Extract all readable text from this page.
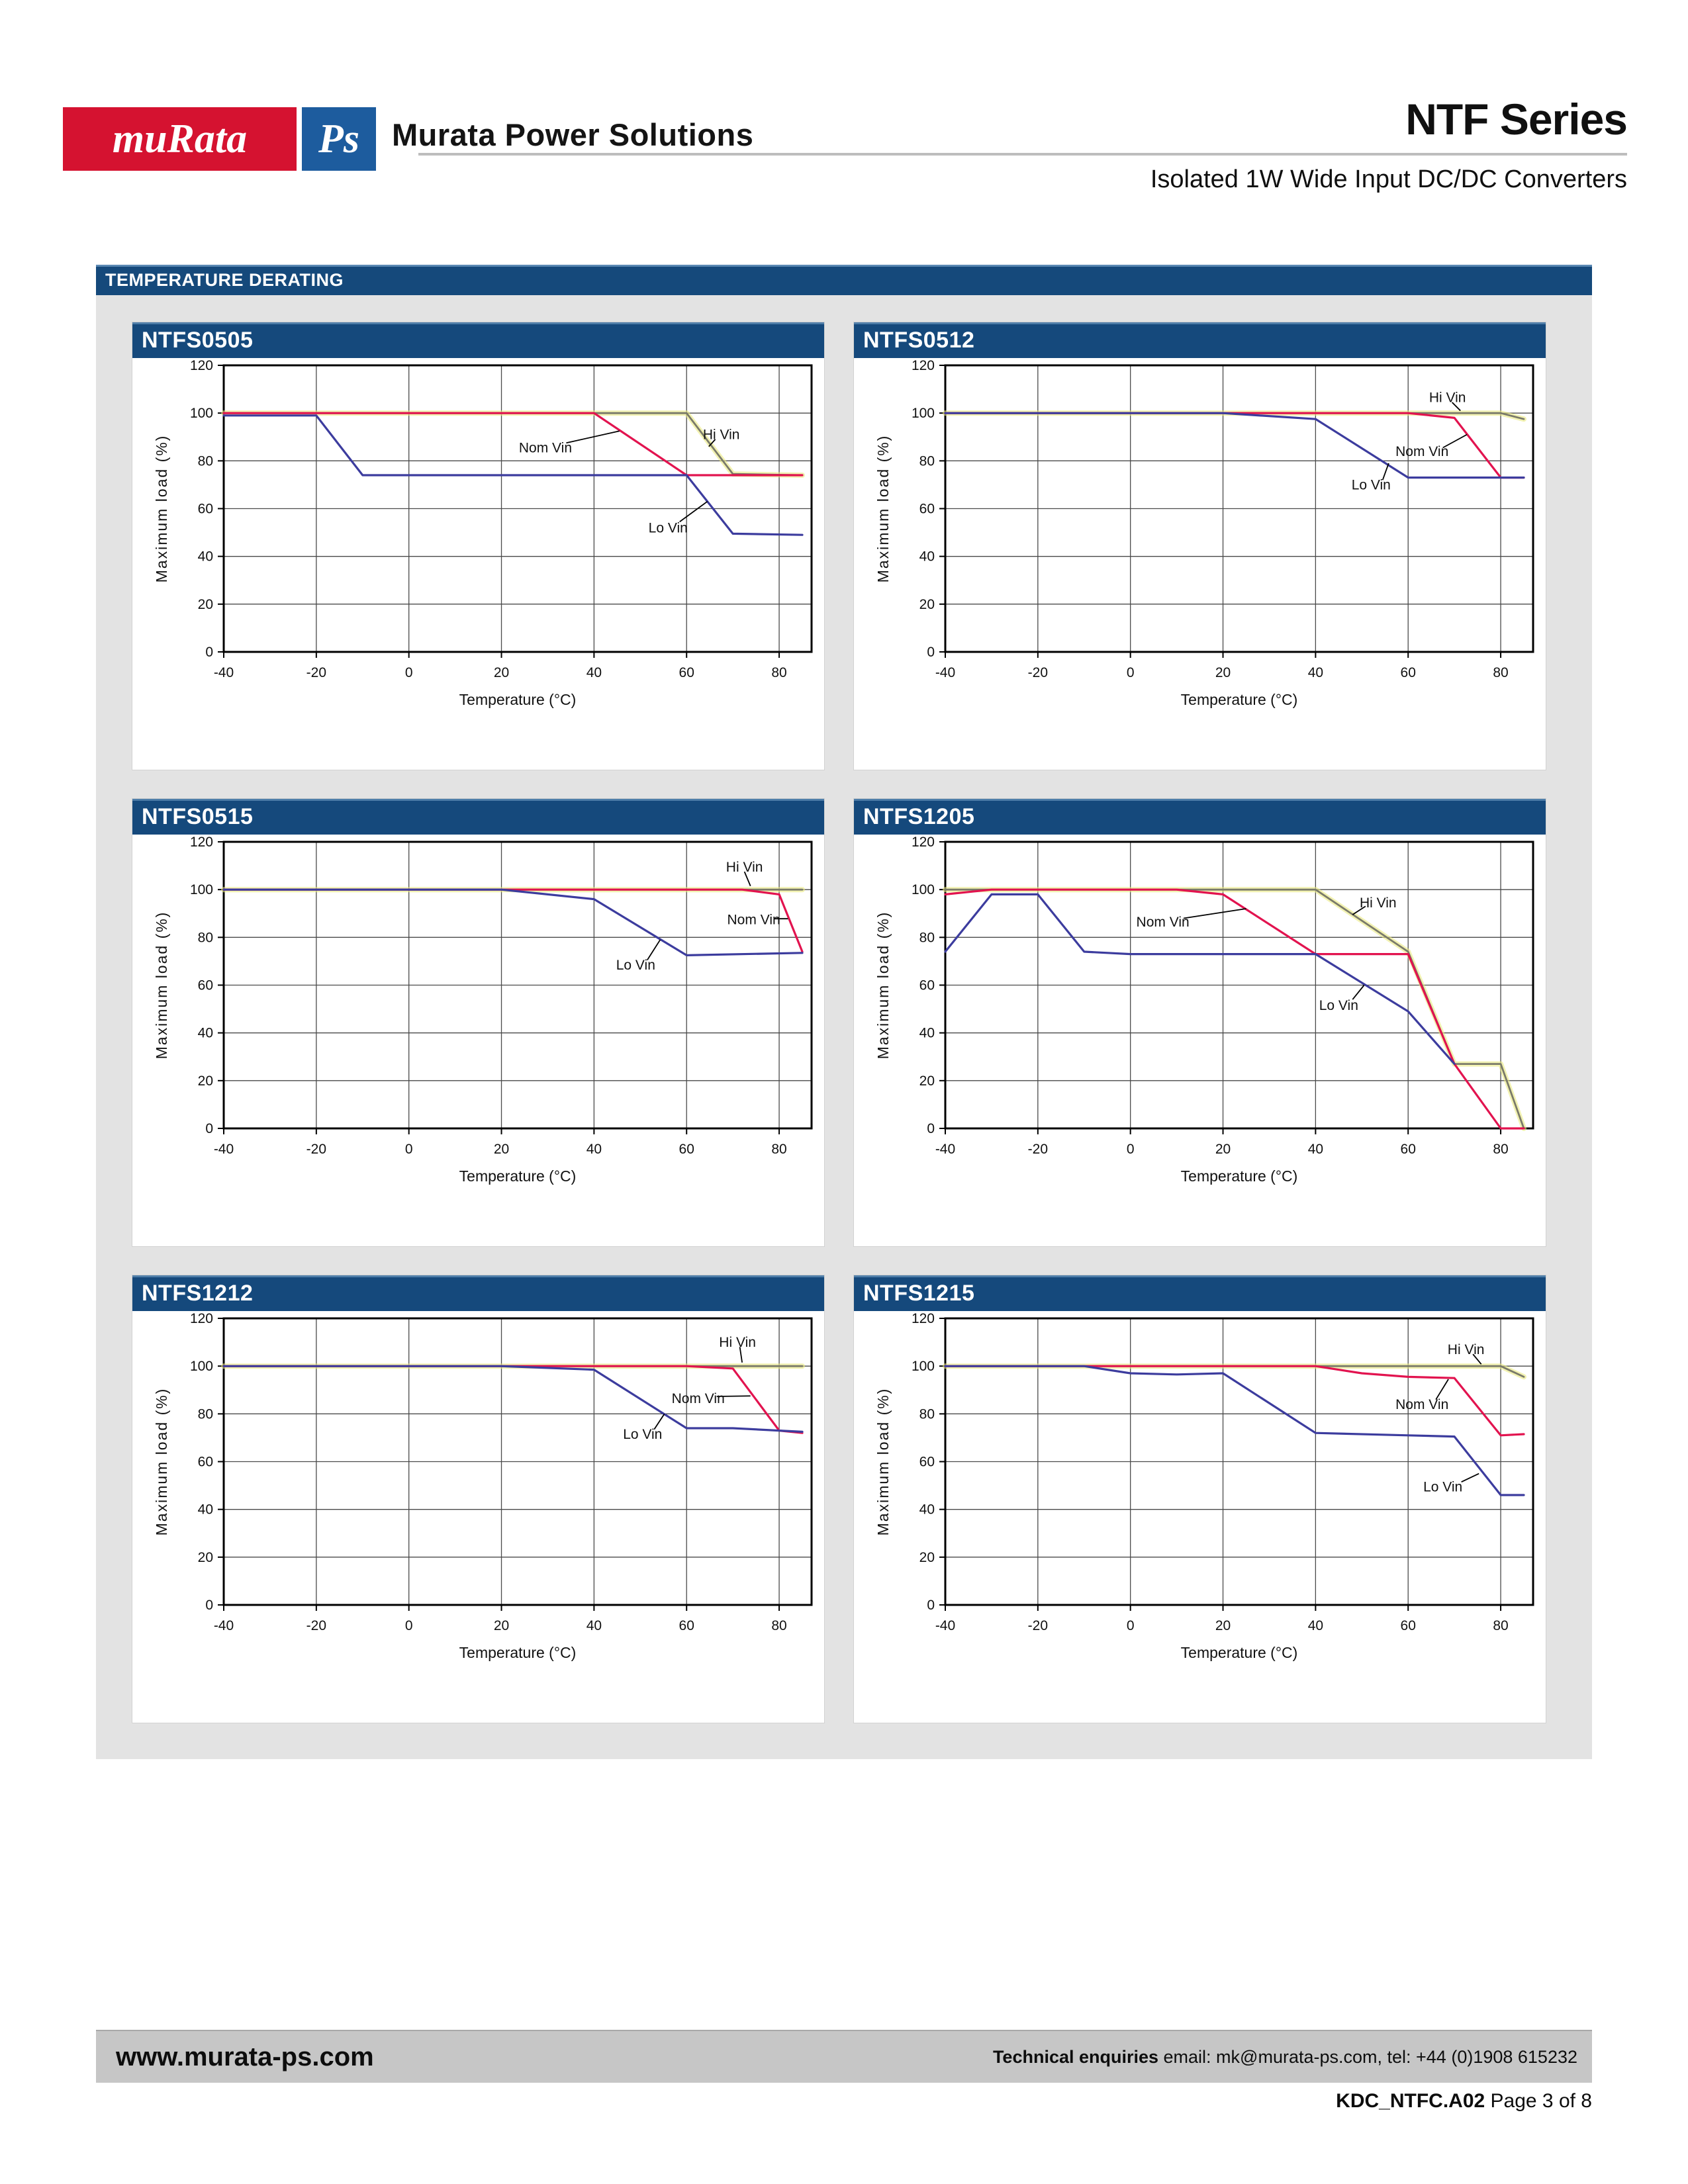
muRata Ps Murata Power Solutions	NTF Series
Isolated 1W Wide Input DC/DC Converters
TEMPERATURE DERATING
NTFS0505
-40	-20	0	20	40	60	80
0
20
40
60
80
100
120
Temperature (°C)
Maximum load (%)	Hi Vin
Nom Vin
Lo Vin
NTFS0512
-40	-20	0	20	40	60	80
0
20
40
60
80
100
120
Temperature (°C)
Maximum load (%)
Hi Vin
Nom Vin
Lo Vin
NTFS0515
-40	-20	0	20	40	60	80
0
20
40
60
80
100
120
Temperature (°C)
Maximum load (%)
Hi Vin
Nom Vin
Lo Vin
NTFS1205
-40	-20	0	20	40	60	80
0
20
40
60
80
100
120
Temperature (°C)
Maximum load (%)	Nom Vin
Hi Vin
Lo Vin
NTFS1212
-40	-20	0	20	40	60	80
0
20
40
60
80
100
120
Temperature (°C)
Maximum load (%)
Hi Vin
Nom Vin
Lo Vin
NTFS1215
-40	-20	0	20	40	60	80
0
20
40
60
80
100
120
Temperature (°C)
Maximum load (%)
Hi Vin
Nom Vin
Lo Vin
www.murata-ps.com	Technical enquiries email: mk@murata-ps.com, tel: +44 (0)1908 615232
KDC_NTFC.A02 Page 3 of 8
